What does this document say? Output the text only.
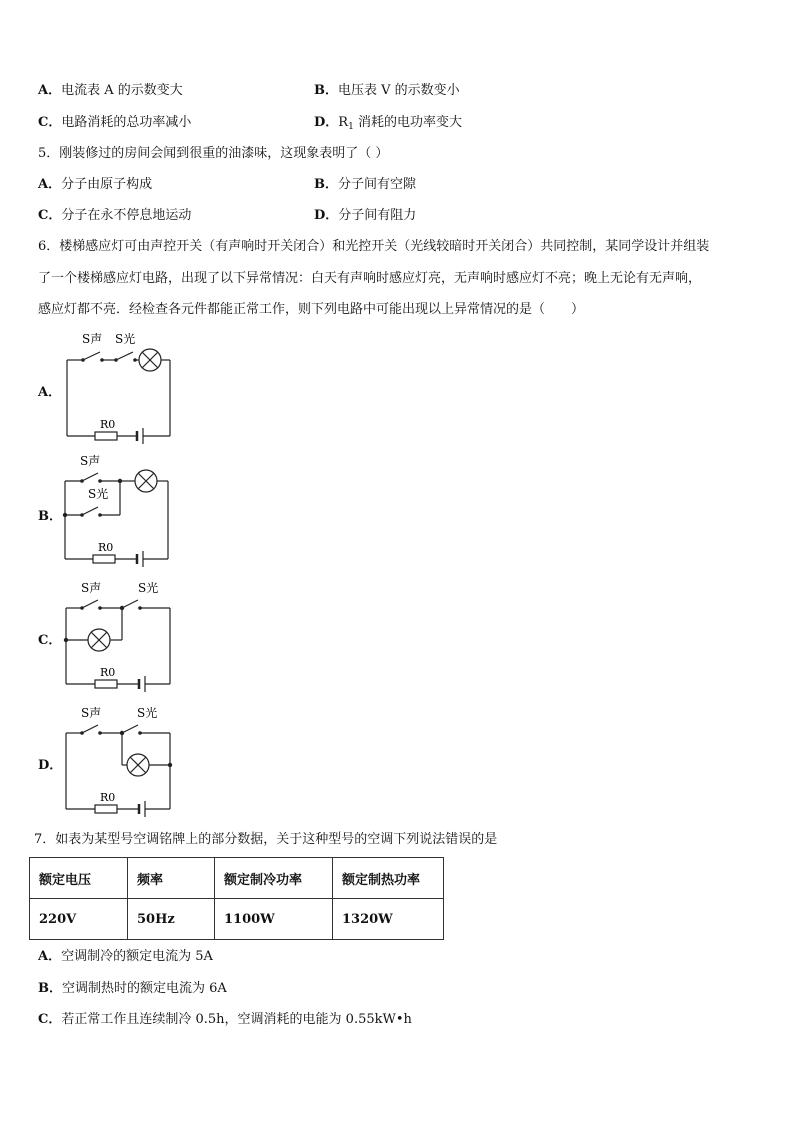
A．电流表 A 的示数变大	B．电压表 V 的示数变小
C．电路消耗的总功率减小	D．$R_1$ 消耗的电功率变大
5．刚装修过的房间会闻到很重的油漆味，这现象表明了（ ）
A．分子由原子构成	B．分子间有空隙
C．分子在永不停息地运动	D．分子间有阻力
6．楼梯感应灯可由声控开关（有声响时开关闭合）和光控开关（光线较暗时开关闭合）共同控制，某同学设计并组装
了一个楼梯感应灯电路，出现了以下异常情况：白天有声响时感应灯亮，无声响时感应灯不亮；晚上无论有无声响，
感应灯都不亮．经检查各元件都能正常工作，则下列电路中可能出现以上异常情况的是（　　）
A．
S声 S光
R0
B．
S声
S光
R0
C．
S声	S光
R0
D．
S声	S光
R0
7．如表为某型号空调铭牌上的部分数据，关于这种型号的空调下列说法错误的是
额定电压	频率	额定制冷功率	额定制热功率
220V	50Hz	1100W	1320W
A．空调制冷的额定电流为 5A
B．空调制热时的额定电流为 6A
C．若正常工作且连续制冷 0.5h，空调消耗的电能为 0.55kW•h
